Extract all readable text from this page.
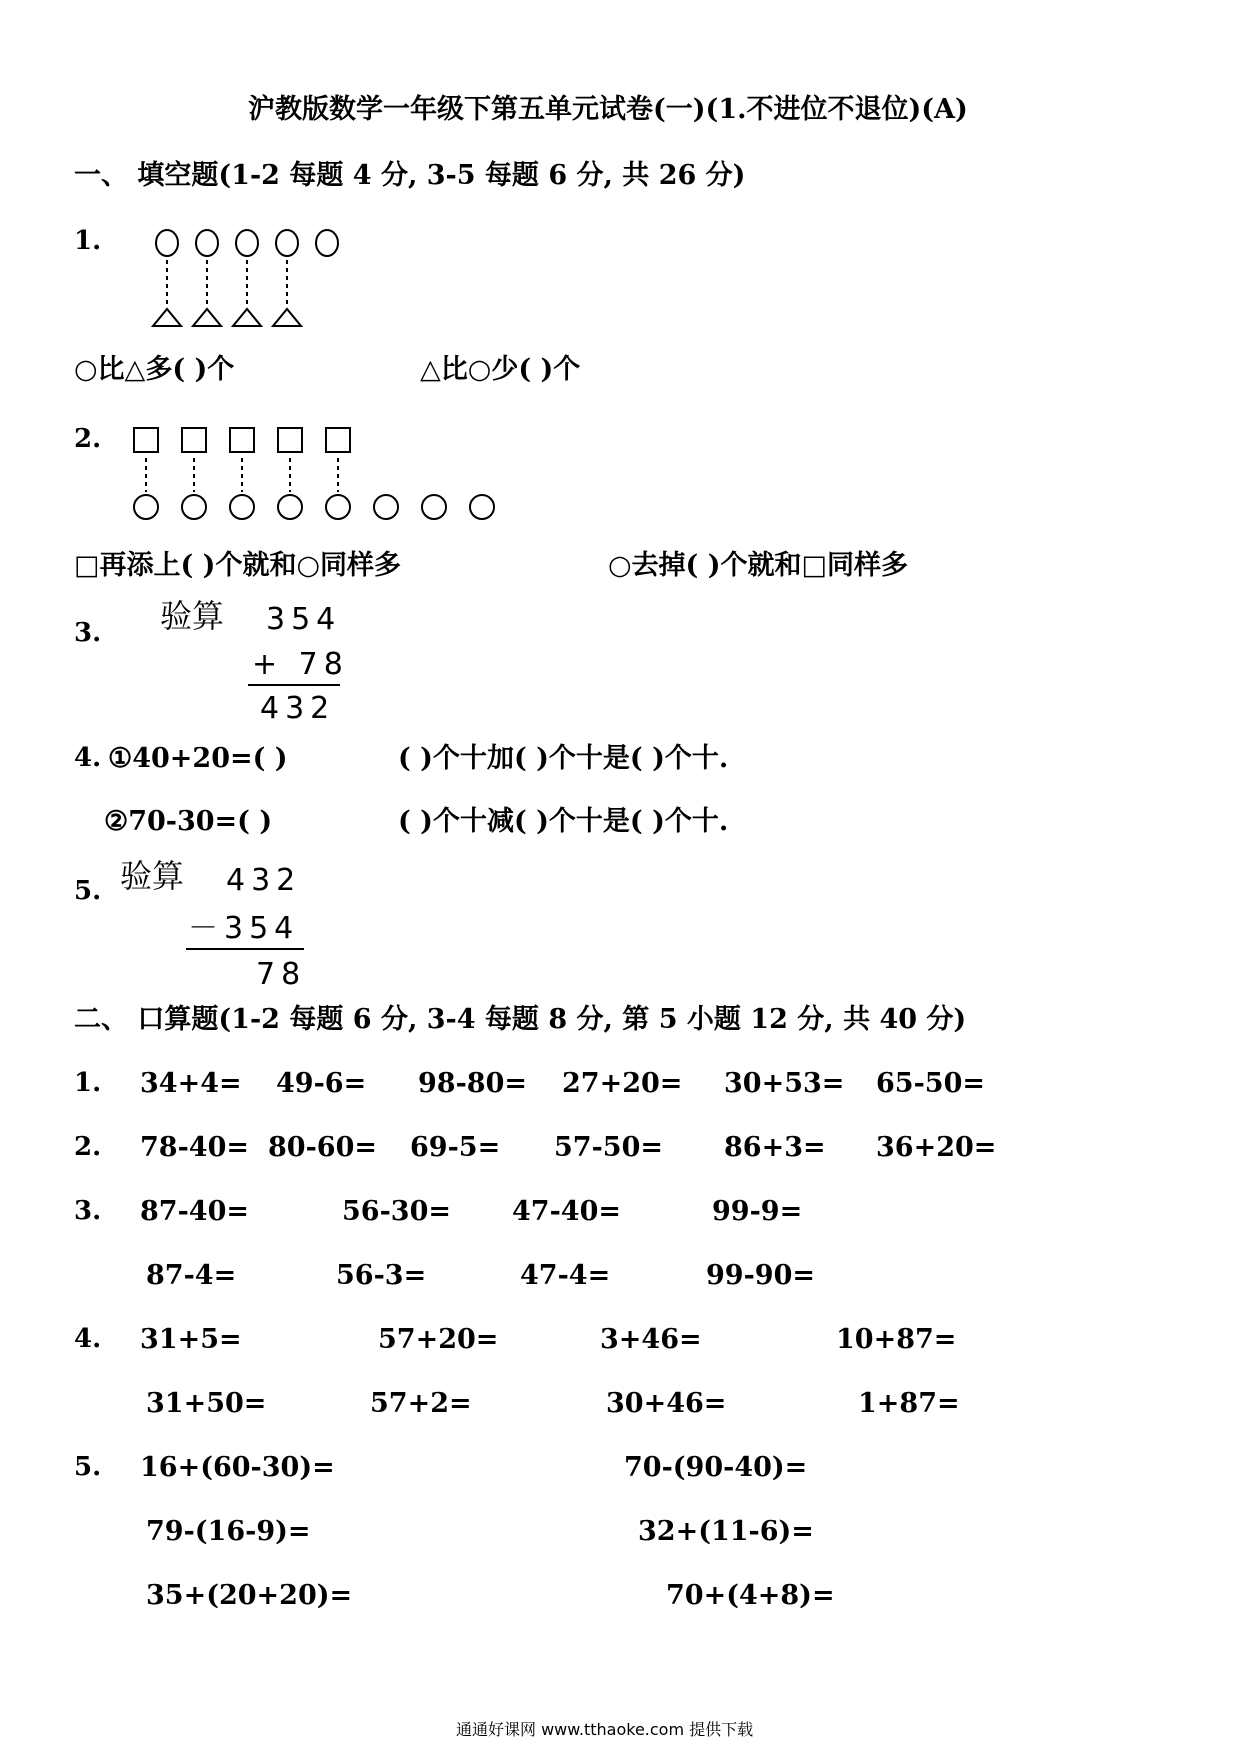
沪教版数学一年级下第五单元试卷(一)(1.不进位不退位)(A)
一、 填空题(1-2 每题 4 分, 3-5 每题 6 分, 共 26 分)
1.
○比△多( )个	△比○少( )个
2.
□再添上( )个就和○同样多	○去掉( )个就和□同样多
3. 验算 354
+ 78
432
4. ①40+20=( )	( )个十加( )个十是( )个十.
②70-30=( )	( )个十减( )个十是( )个十.
5. 验算 432
－354
78
二、 口算题(1-2 每题 6 分, 3-4 每题 8 分, 第 5 小题 12 分, 共 40 分)
1. 34+4= 49-6= 98-80= 27+20= 30+53= 65-50=
2. 78-40= 80-60= 69-5= 57-50= 86+3= 36+20=
3. 87-40=	56-30= 47-40=	99-9=
87-4=	56-3=	47-4=	99-90=
4. 31+5=	57+20=	3+46=	10+87=
31+50=	57+2=	30+46=	1+87=
5. 16+(60-30)=	70-(90-40)=
79-(16-9)=	32+(11-6)=
35+(20+20)=	70+(4+8)=
通通好课网 www.tthaoke.com 提供下载
